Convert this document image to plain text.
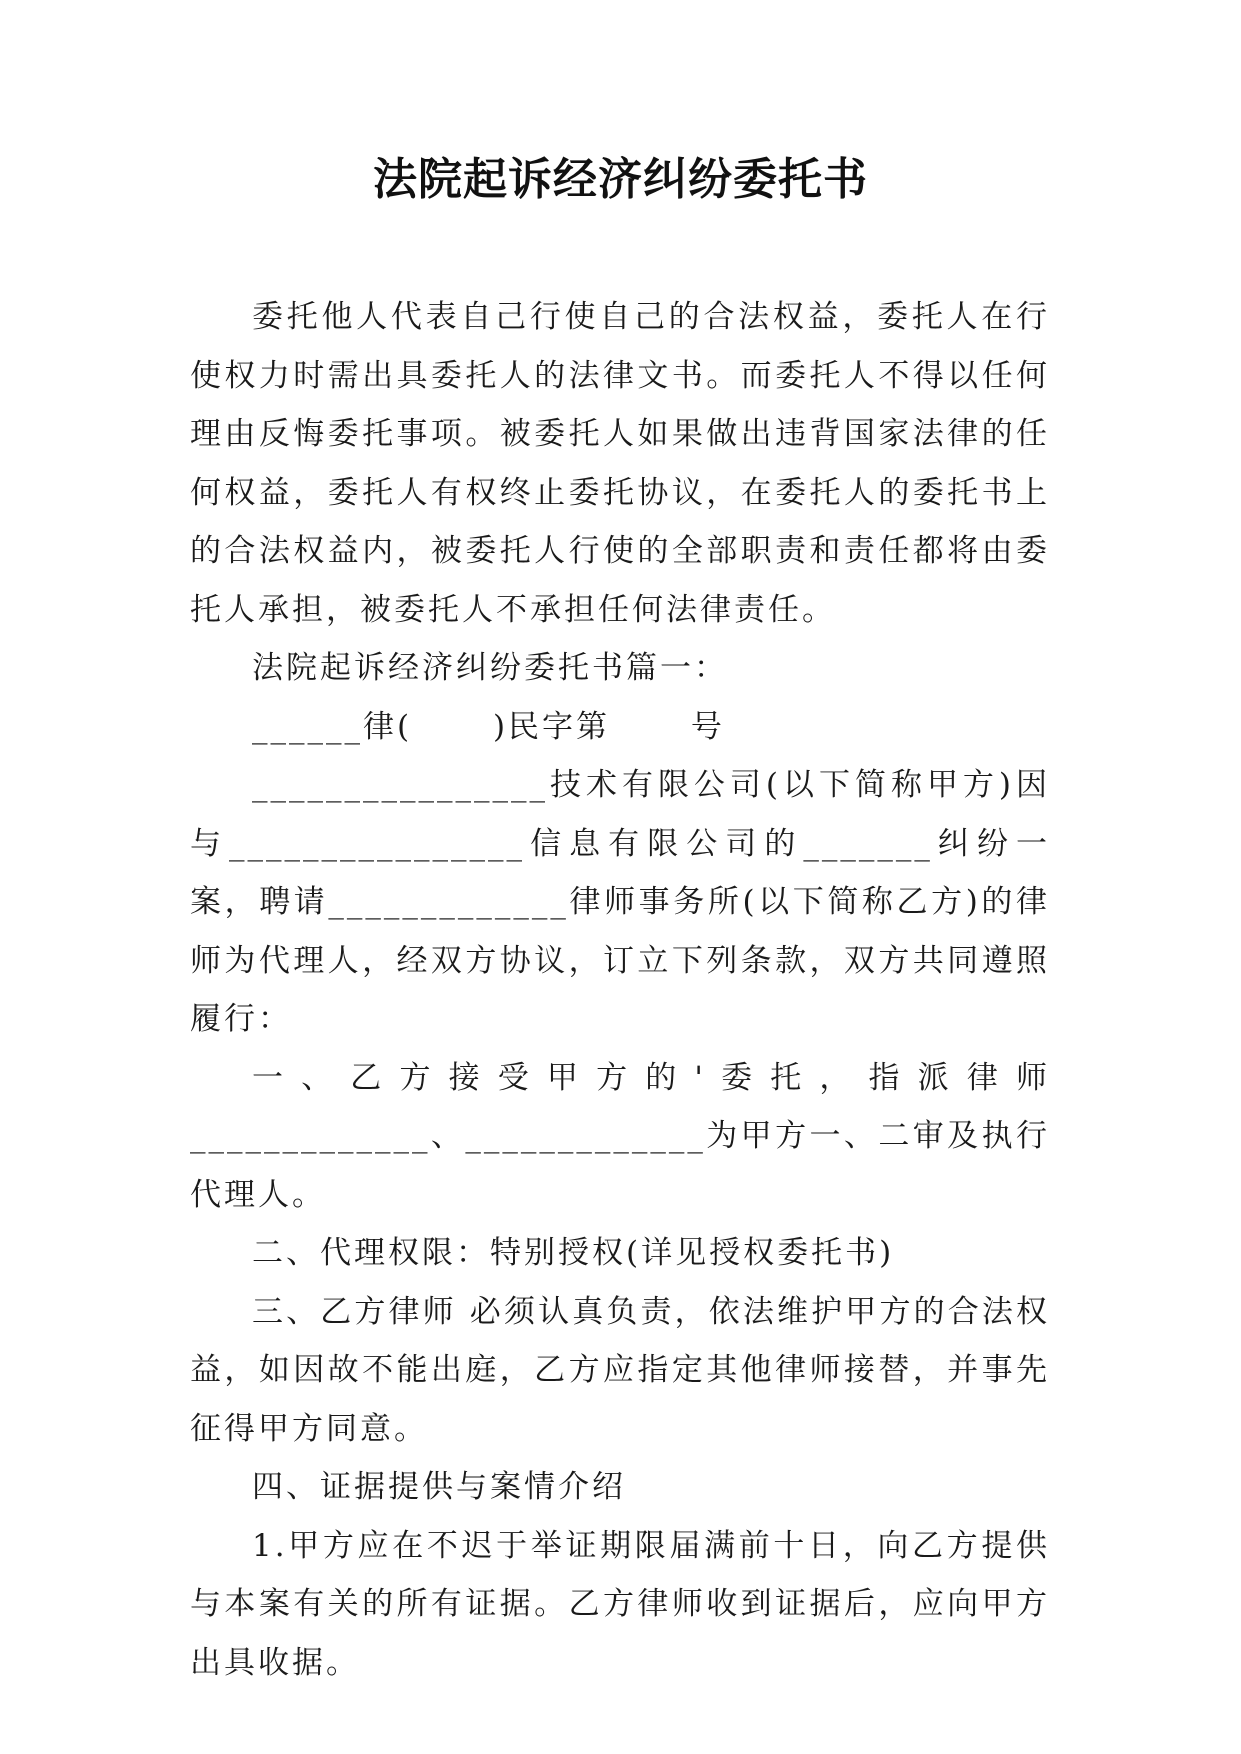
法院起诉经济纠纷委托书

委托他人代表自己行使自己的合法权益，委托人在行使权力时需出具委托人的法律文书。而委托人不得以任何理由反悔委托事项。被委托人如果做出违背国家法律的任何权益，委托人有权终止委托协议，在委托人的委托书上的合法权益内，被委托人行使的全部职责和责任都将由委托人承担，被委托人不承担任何法律责任。

法院起诉经济纠纷委托书篇一：

______律(　　 )民字第　　 号

________________技术有限公司(以下简称甲方)因与________________信息有限公司的_______纠纷一案，聘请_____________律师事务所(以下简称乙方)的律师为代理人，经双方协议，订立下列条款，双方共同遵照履行：

一、乙方接受甲方的'委托，指派律师_____________、_____________为甲方一、二审及执行代理人。

二、代理权限：特别授权(详见授权委托书)

三、乙方律师 必须认真负责，依法维护甲方的合法权益，如因故不能出庭，乙方应指定其他律师接替，并事先征得甲方同意。

四、证据提供与案情介绍

1.甲方应在不迟于举证期限届满前十日，向乙方提供与本案有关的所有证据。乙方律师收到证据后，应向甲方出具收据。
